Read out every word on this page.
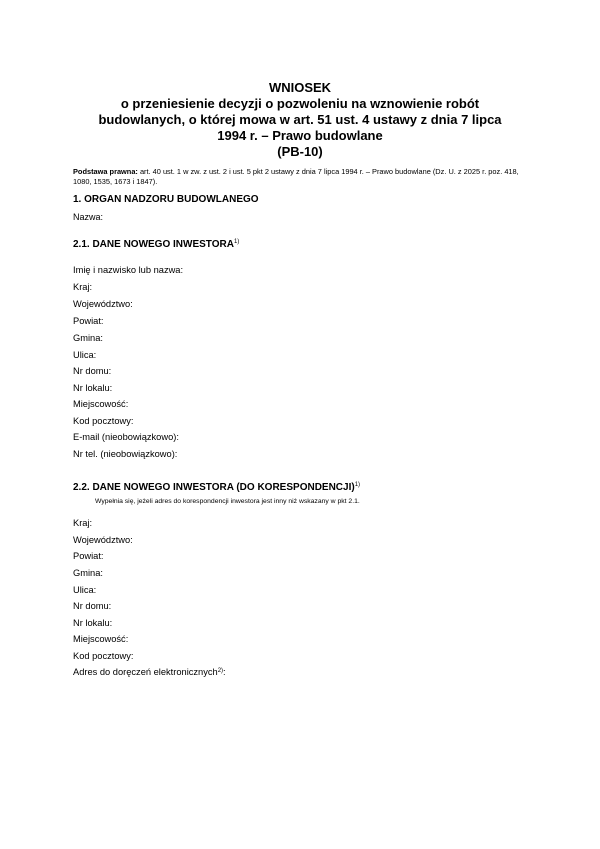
WNIOSEK
o przeniesienie decyzji o pozwoleniu na wznowienie robót
budowlanych, o której mowa w art. 51 ust. 4 ustawy z dnia 7 lipca
1994 r. – Prawo budowlane
(PB-10)
Podstawa prawna: art. 40 ust. 1 w zw. z ust. 2 i ust. 5 pkt 2 ustawy z dnia 7 lipca 1994 r. – Prawo budowlane (Dz. U. z 2025 r. poz. 418, 1080, 1535, 1673 i 1847).
1. ORGAN NADZORU BUDOWLANEGO
Nazwa:
2.1. DANE NOWEGO INWESTORA$^{1)}$
Imię i nazwisko lub nazwa:
Kraj:
Województwo:
Powiat:
Gmina:
Ulica:
Nr domu:
Nr lokalu:
Miejscowość:
Kod pocztowy:
E-mail (nieobowiązkowo):
Nr tel. (nieobowiązkowo):
2.2. DANE NOWEGO INWESTORA (DO KORESPONDENCJI)$^{1)}$
Wypełnia się, jeżeli adres do korespondencji inwestora jest inny niż wskazany w pkt 2.1.
Kraj:
Województwo:
Powiat:
Gmina:
Ulica:
Nr domu:
Nr lokalu:
Miejscowość:
Kod pocztowy:
Adres do doręczeń elektronicznych$^{2)}$:
